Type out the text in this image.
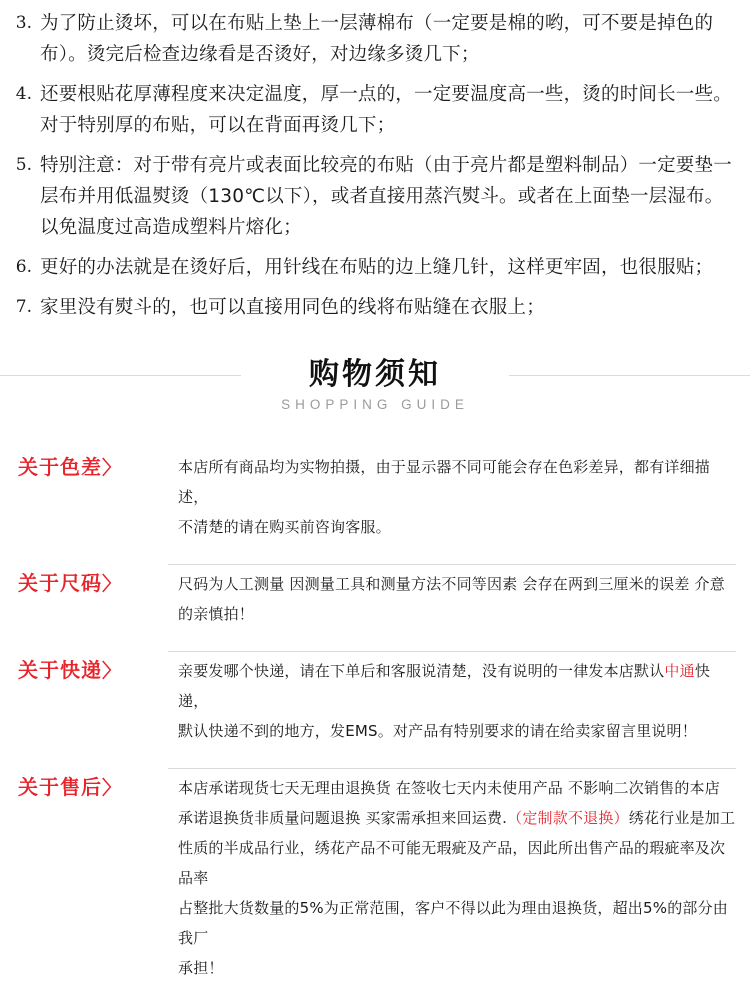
3. 为了防止烫坏，可以在布贴上垫上一层薄棉布（一定要是棉的哟，可不要是掉色的布）。烫完后检查边缘看是否烫好，对边缘多烫几下；
4. 还要根贴花厚薄程度来决定温度，厚一点的，一定要温度高一些，烫的时间长一些。对于特别厚的布贴，可以在背面再烫几下；
5. 特别注意：对于带有亮片或表面比较亮的布贴（由于亮片都是塑料制品）一定要垫一层布并用低温熨烫（130℃以下），或者直接用蒸汽熨斗。或者在上面垫一层湿布。以免温度过高造成塑料片熔化；
6. 更好的办法就是在烫好后，用针线在布贴的边上缝几针，这样更牢固，也很服贴；
7. 家里没有熨斗的，也可以直接用同色的线将布贴缝在衣服上；
购物须知
SHOPPING GUIDE
关于色差〉	本店所有商品均为实物拍摄，由于显示器不同可能会存在色彩差异，都有详细描述，

不清楚的请在购买前咨询客服。

关于尺码〉	尺码为人工测量 因测量工具和测量方法不同等因素 会存在两到三厘米的误差 介意

的亲慎拍！

关于快递〉	亲要发哪个快递，请在下单后和客服说清楚，没有说明的一律发本店默认中通快递，

默认快递不到的地方，发EMS。对产品有特别要求的请在给卖家留言里说明！

关于售后〉	本店承诺现货七天无理由退换货 在签收七天内未使用产品 不影响二次销售的本店

承诺退换货非质量问题退换 买家需承担来回运费.（定制款不退换）绣花行业是加工

性质的半成品行业，绣花产品不可能无瑕疵及产品，因此所出售产品的瑕疵率及次品率

占整批大货数量的5%为正常范围，客户不得以此为理由退换货，超出5%的部分由我厂

承担！
